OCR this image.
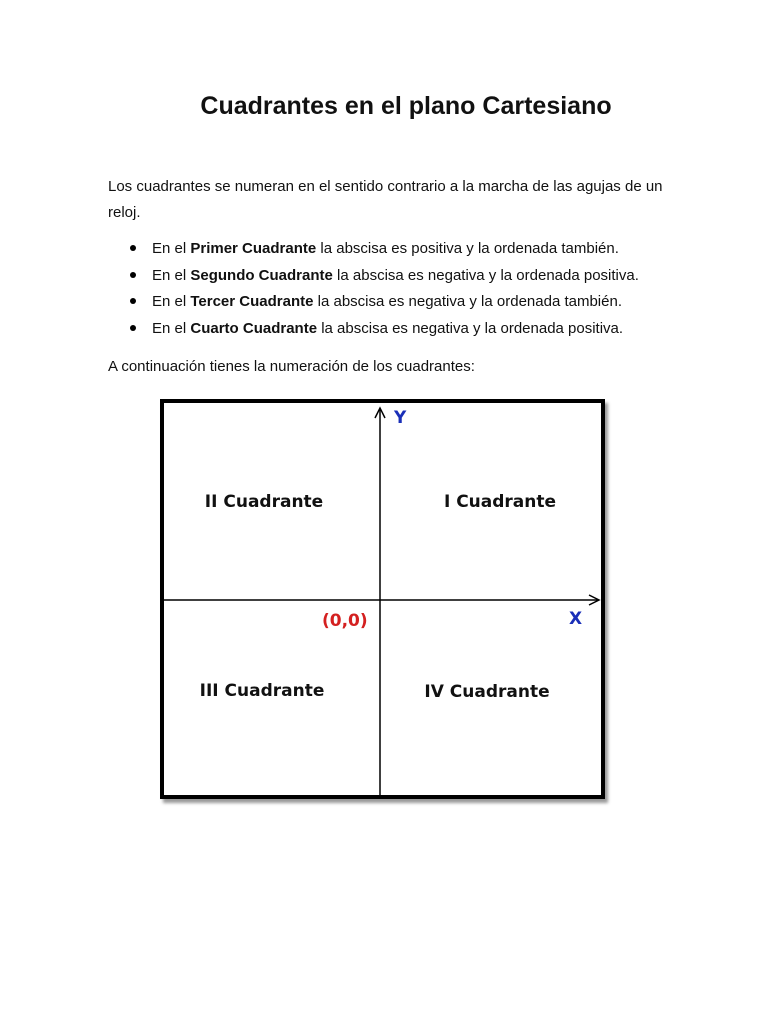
Cuadrantes en el plano Cartesiano
Los cuadrantes se numeran en el sentido contrario a la marcha de las agujas de un reloj.
En el Primer Cuadrante la abscisa es positiva y la ordenada también.
En el Segundo Cuadrante la abscisa es negativa y la ordenada positiva.
En el Tercer Cuadrante la abscisa es negativa y la ordenada también.
En el Cuarto Cuadrante la abscisa es negativa y la ordenada positiva.
A continuación tienes la numeración de los cuadrantes:
Y
X
(0,0)
II Cuadrante	I Cuadrante
III Cuadrante	IV Cuadrante
